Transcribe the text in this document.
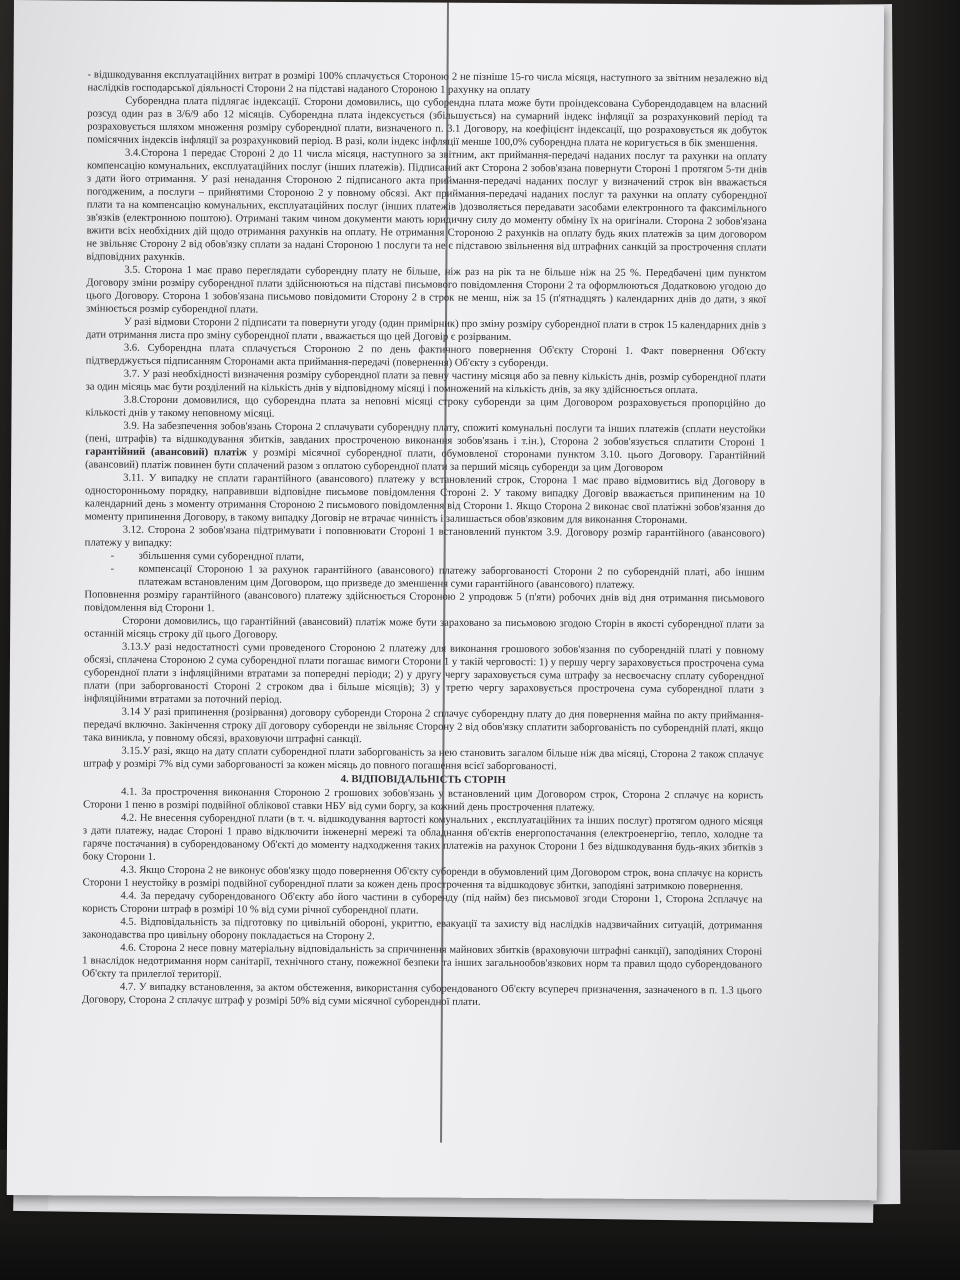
- відшкодування експлуатаційних витрат в розмірі 100% сплачується Стороною 2 не пізніше 15-го числа місяця, наступного за звітним незалежно від наслідків господарської діяльності Сторони 2 на підставі наданого Стороною 1 рахунку на оплату

Суборендна плата підлягає індексації. Сторони домовились, що суборендна плата може бути проіндексована Суборендодавцем на власний розсуд один раз в 3/6/9 або 12 місяців. Суборендна плата індексується (збільшується) на сумарний індекс інфляції за розрахунковий період та розраховується шляхом множення розміру суборендної плати, визначеного п. 3.1 Договору, на коефіцієнт індексації, що розраховується як добуток помісячних індексів інфляції за розрахунковий період. В разі, коли індекс інфляції менше 100,0% суборендна плата не коригується в бік зменшення.

3.4.Сторона 1 передає Стороні 2 до 11 числа місяця, наступного за звітним, акт приймання-передачі наданих послуг та рахунки на оплату компенсацію комунальних, експлуатаційних послуг (інших платежів). Підписаний акт Сторона 2 зобов'язана повернути Стороні 1 протягом 5-ти днів з дати його отримання. У разі ненадання Стороною 2 підписаного акта приймання-передачі наданих послуг у визначений строк він вважається погодженим, а послуги – прийнятими Стороною 2 у повному обсязі. Акт приймання-передачі наданих послуг та рахунки на оплату суборендної плати та на компенсацію комунальних, експлуатаційних послуг (інших платежів )дозволяється передавати засобами електронного та факсимільного зв'язків (електронною поштою). Отримані таким чином документи мають юридичну силу до моменту обміну їх на оригінали. Сторона 2 зобов'язана вжити всіх необхідних дій щодо отримання рахунків на оплату. Не отримання Стороною 2 рахунків на оплату будь яких платежів за цим договором не звільняє Сторону 2 від обов'язку сплати за надані Стороною 1 послуги та не є підставою звільнення від штрафних санкцій за прострочення сплати відповідних рахунків.

3.5. Сторона 1 має право переглядати суборендну плату не більше, ніж раз на рік та не більше ніж на 25 %. Передбачені цим пунктом Договору зміни розміру суборендної плати здійснюються на підставі письмового повідомлення Сторони 2 та оформлюються Додатковою угодою до цього Договору. Сторона 1 зобов'язана письмово повідомити Сторону 2 в строк не менш, ніж за 15 (п'ятнадцять ) календарних днів до дати, з якої змінюється розмір суборендної плати.

У разі відмови Сторони 2 підписати та повернути угоду (один примірник) про зміну розміру суборендної плати в строк 15 календарних днів з дати отримання листа про зміну суборендної плати , вважається що цей Договір є розірваним.

3.6. Суборендна плата сплачується Стороною 2 по день фактичного повернення Об'єкту Стороні 1. Факт повернення Об'єкту підтверджується підписанням Сторонами акта приймання-передачі (повернення) Об'єкту з суборенди.

3.7. У разі необхідності визначення розміру суборендної плати за певну частину місяця або за певну кількість днів, розмір суборендної плати за один місяць має бути розділений на кількість днів у відповідному місяці і помножений на кількість днів, за яку здійснюється оплата.

3.8.Сторони домовилися, що суборендна плата за неповні місяці строку суборенди за цим Договором розраховується пропорційно до кількості днів у такому неповному місяці.

3.9. На забезпечення зобов'язань Сторона 2 сплачувати суборендну плату, спожиті комунальні послуги та інших платежів (сплати неустойки (пені, штрафів) та відшкодування збитків, завданих простроченою виконання зобов'язань і т.ін.), Сторона 2 зобов'язується сплатити Стороні 1 гарантійний (авансовий) платіж у розмірі місячної суборендної плати, обумовленої сторонами пунктом 3.10. цього Договору. Гарантійний (авансовий) платіж повинен бути сплачений разом з оплатою суборендної плати за перший місяць суборенди за цим Договором

3.11. У випадку не сплати гарантійного (авансового) платежу у встановлений строк, Сторона 1 має право відмовитись від Договору в односторонньому порядку, направивши відповідне письмове повідомлення Стороні 2. У такому випадку Договір вважається припиненим на 10 календарний день з моменту отримання Стороною 2 письмового повідомлення від Сторони 1. Якщо Сторона 2 виконає свої платіжні зобов'язання до моменту припинення Договору, в такому випадку Договір не втрачає чинність і залишається обов'язковим для виконання Сторонами.

3.12. Сторона 2 зобов'язана підтримувати і поповнювати Стороні 1 встановлений пунктом 3.9. Договору розмір гарантійного (авансового) платежу у випадку:

-	збільшення суми суборендної плати,
-	компенсації Стороною 1 за рахунок гарантійного (авансового) платежу заборгованості Сторони 2 по суборендній платі, або іншим платежам встановленим цим Договором, що призведе до зменшення суми гарантійного (авансового) платежу.

Поповнення розміру гарантійного (авансового) платежу здійснюється Стороною 2 упродовж 5 (п'яти) робочих днів від дня отримання письмового повідомлення від Сторони 1.

Сторони домовились, що гарантійний (авансовий) платіж може бути зараховано за письмовою згодою Сторін в якості суборендної плати за останній місяць строку дії цього Договору.

3.13.У разі недостатності суми проведеного Стороною 2 платежу для виконання грошового зобов'язання по суборендній платі у повному обсязі, сплачена Стороною 2 сума суборендної плати погашає вимоги Сторони 1 у такій черговості: 1) у першу чергу зараховується прострочена сума суборендної плати з інфляційними втратами за попередні періоди; 2) у другу чергу зараховується сума штрафу за несвоєчасну сплату суборендної плати (при заборгованості Стороні 2 строком два і більше місяців); 3) у третю чергу зараховується прострочена сума суборендної плати з інфляційними втратами за поточний період.

3.14 У разі припинення (розірвання) договору суборенди Сторона 2 сплачує суборендну плату до дня повернення майна по акту приймання-передачі включно. Закінчення строку дії договору суборенди не звільняє Сторону 2 від обов'язку сплатити заборгованість по суборендній платі, якщо така виникла, у повному обсязі, враховуючи штрафні санкції.

3.15.У разі, якщо на дату сплати суборендної плати заборгованість за нею становить загалом більше ніж два місяці, Сторона 2 також сплачує штраф у розмірі 7% від суми заборгованості за кожен місяць до повного погашення всієї заборгованості.

4. ВІДПОВІДАЛЬНІСТЬ СТОРІН

4.1. За прострочення виконання Стороною 2 грошових зобов'язань у встановлений цим Договором строк, Сторона 2 сплачує на користь Сторони 1 пеню в розмірі подвійної облікової ставки НБУ від суми боргу, за кожний день прострочення платежу.

4.2. Не внесення суборендної плати (в т. ч. відшкодування вартості комунальних , експлуатаційних та інших послуг) протягом одного місяця з дати платежу, надає Стороні 1 право відключити інженерні мережі та обладнання об'єктів енергопостачання (електроенергію, тепло, холодне та гаряче постачання) в суборендованому Об'єкті до моменту надходження таких платежів на рахунок Сторони 1 без відшкодування будь-яких збитків з боку Сторони 1.

4.3. Якщо Сторона 2 не виконує обов'язку щодо повернення Об'єкту суборенди в обумовлений цим Договором строк, вона сплачує на користь Сторони 1 неустойку в розмірі подвійної суборендної плати за кожен день прострочення та відшкодовує збитки, заподіяні затримкою повернення.

4.4. За передачу суборендованого Об'єкту або його частини в суборенду (під найм) без письмової згоди Сторони 1, Сторона 2сплачує на користь Сторони штраф в розмірі 10 % від суми річної суборендної плати.

4.5. Відповідальність за підготовку по цивільній обороні, укриттю, евакуації та захисту від наслідків надзвичайних ситуацій, дотримання законодавства про цивільну оборону покладається на Сторону 2.

4.6. Сторона 2 несе повну матеріальну відповідальність за спричинення майнових збитків (враховуючи штрафні санкції), заподіяних Стороні 1 внаслідок недотримання норм санітарії, технічного стану, пожежної безпеки та інших загальнообов'язкових норм та правил щодо суборендованого Об'єкту та прилеглої території.

4.7. У випадку встановлення, за актом обстеження, використання суборендованого Об'єкту всупереч призначення, зазначеного в п. 1.3 цього Договору, Сторона 2 сплачує штраф у розмірі 50% від суми місячної суборендної плати.
